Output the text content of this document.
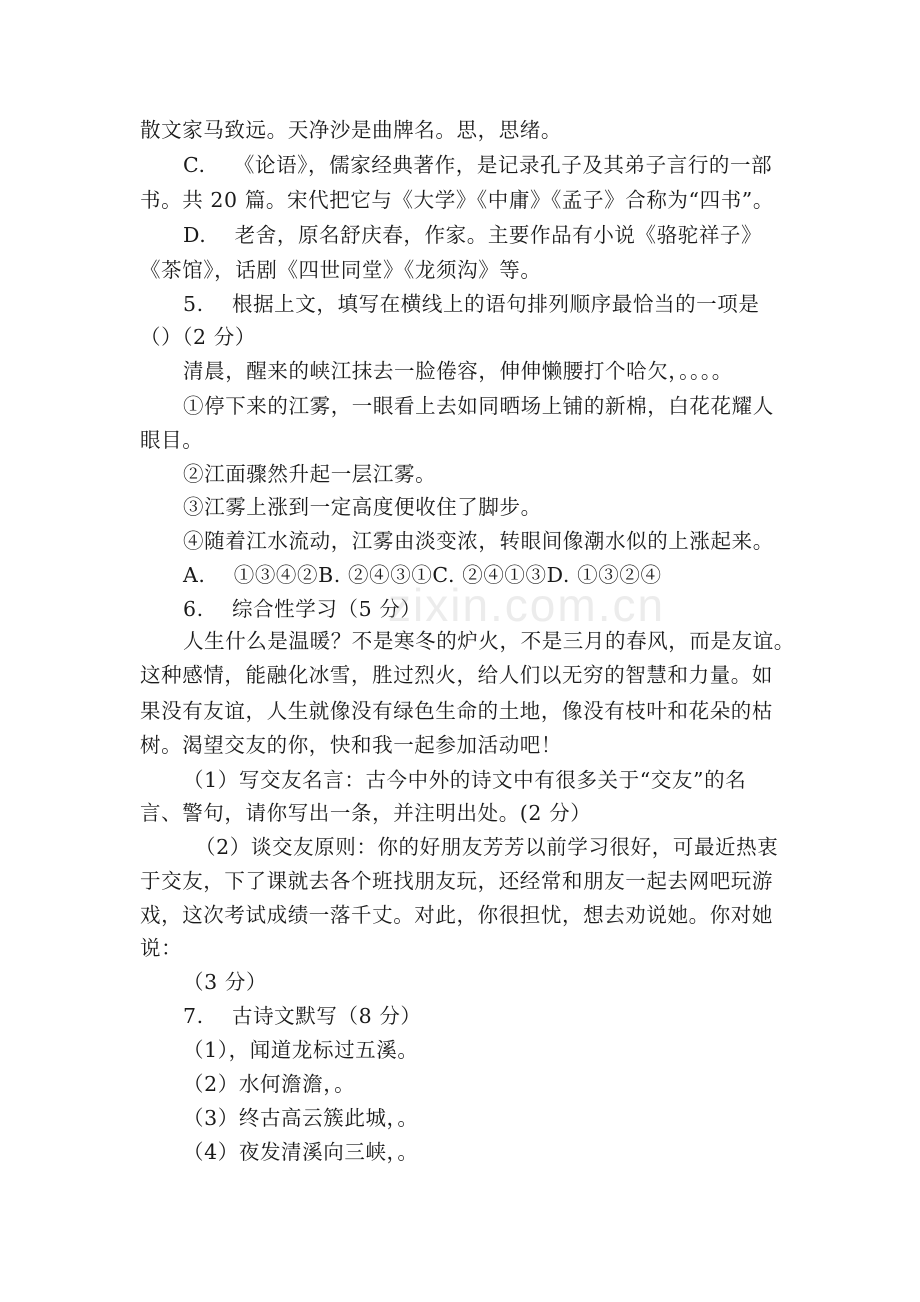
散文家马致远。天净沙是曲牌名。思，思绪。
C.　 《论语》，儒家经典著作，是记录孔子及其弟子言行的一部
书。共 20 篇。宋代把它与《大学》《中庸》《孟子》合称为“四书”。
D.　 老舍，原名舒庆春，作家。主要作品有小说《骆驼祥子》
《茶馆》，话剧《四世同堂》《龙须沟》等。
5.　 根据上文，填写在横线上的语句排列顺序最恰当的一项是
（）（2 分）
清晨，醒来的峡江抹去一脸倦容，伸伸懒腰打个哈欠，。。。。
①停下来的江雾，一眼看上去如同晒场上铺的新棉，白花花耀人
眼目。
②江面骤然升起一层江雾。
③江雾上涨到一定高度便收住了脚步。
④随着江水流动，江雾由淡变浓，转眼间像潮水似的上涨起来。
A.　 ①③④②B. ②④③①C. ②④①③D. ①③②④
6.　 综合性学习（5 分）
人生什么是温暖？不是寒冬的炉火，不是三月的春风，而是友谊。
这种感情，能融化冰雪，胜过烈火，给人们以无穷的智慧和力量。如
果没有友谊，人生就像没有绿色生命的土地，像没有枝叶和花朵的枯
树。渴望交友的你，快和我一起参加活动吧！
（1）写交友名言：古今中外的诗文中有很多关于“交友”的名
言、警句，请你写出一条，并注明出处。(2 分）
（2）谈交友原则：你的好朋友芳芳以前学习很好，可最近热衷
于交友，下了课就去各个班找朋友玩，还经常和朋友一起去网吧玩游
戏，这次考试成绩一落千丈。对此，你很担忧，想去劝说她。你对她
说：
（3 分）
7.　 古诗文默写（8 分）
（1），闻道龙标过五溪。
（2）水何澹澹，。
（3）终古高云簇此城，。
（4）夜发清溪向三峡，。
zixin.com.cn
